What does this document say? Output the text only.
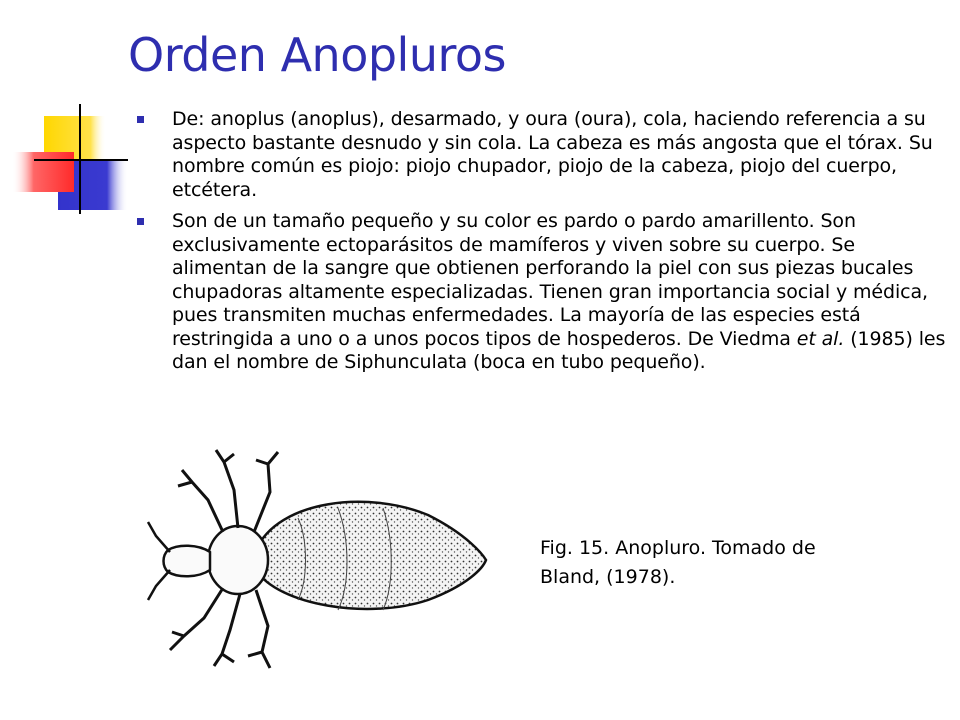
Orden Anopluros
De: anoplus (anoplus), desarmado, y oura (oura), cola, haciendo referencia a su aspecto bastante desnudo y sin cola. La cabeza es más angosta que el tórax. Su nombre común es piojo: piojo chupador, piojo de la cabeza, piojo del cuerpo, etcétera.
Son de un tamaño pequeño y su color es pardo o pardo amarillento. Son exclusivamente ectoparásitos de mamíferos y viven sobre su cuerpo. Se alimentan de la sangre que obtienen perforando la piel con sus piezas bucales chupadoras altamente especializadas. Tienen gran importancia social y médica, pues transmiten muchas enfermedades. La mayoría de las especies está restringida a uno o a unos pocos tipos de hospederos. De Viedma et al. (1985) les dan el nombre de Siphunculata (boca en tubo pequeño).
Fig. 15. Anopluro. Tomado de Bland, (1978).
